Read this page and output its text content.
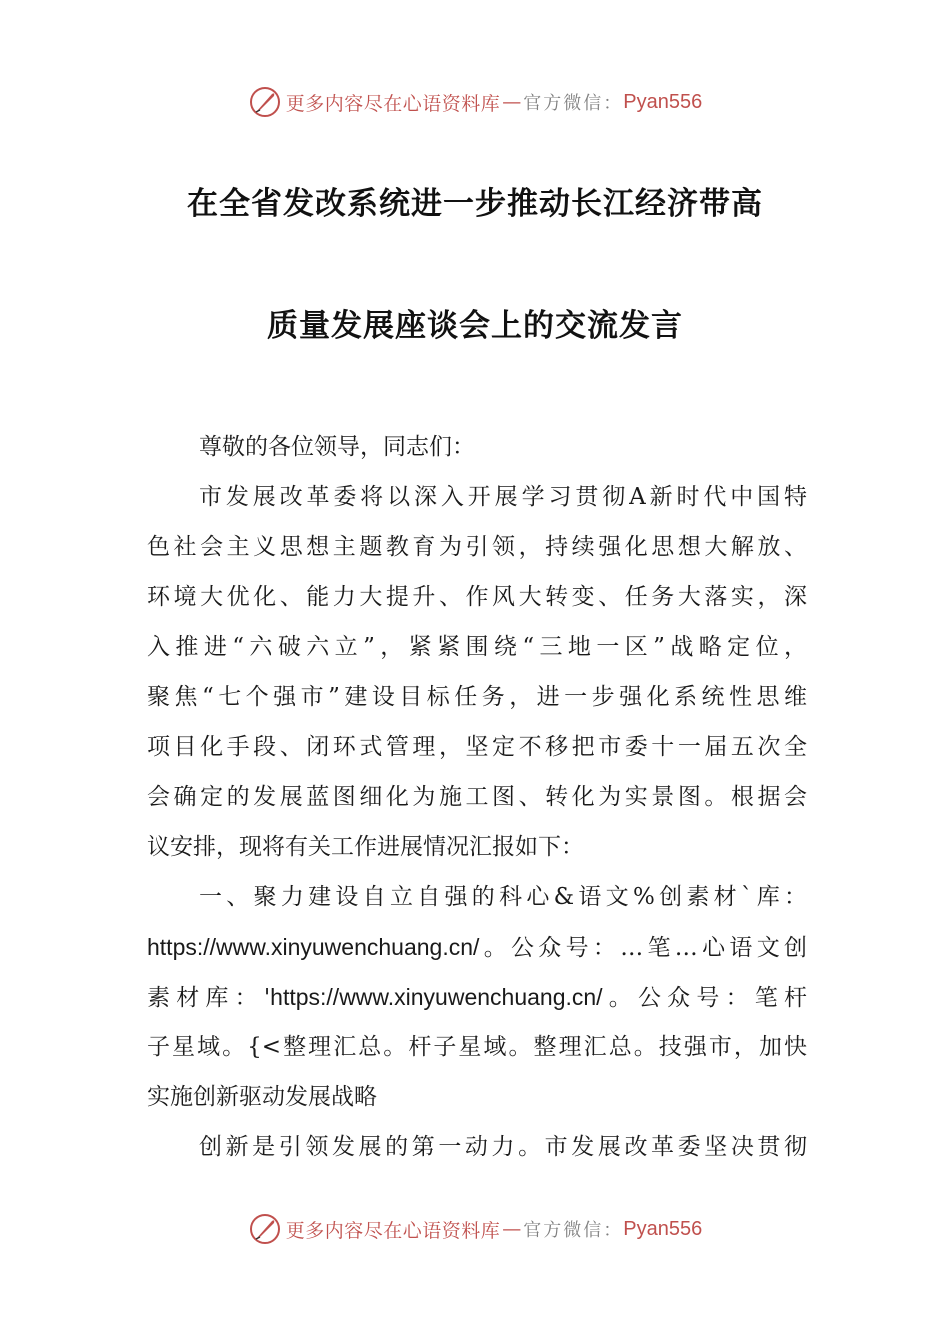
更多内容尽在心语资料库 — 官方微信： Pyan556
在全省发改系统进一步推动长江经济带高
质量发展座谈会上的交流发言
尊敬的各位领导，同志们：
市发展改革委将以深入开展学习贯彻A新时代中国特
色社会主义思想主题教育为引领，持续强化思想大解放、
环境大优化、能力大提升、作风大转变、任务大落实，深
入推进“六破六立”，紧紧围绕“三地一区”战略定位，
聚焦“七个强市”建设目标任务，进一步强化系统性思维
项目化手段、闭环式管理，坚定不移把市委十一届五次全
会确定的发展蓝图细化为施工图、转化为实景图。根据会
议安排，现将有关工作进展情况汇报如下：
一、聚力建设自立自强的科心&语文%创素材`库：
https://www.xinyuwenchuang.cn/。公众号：…笔…心语文创
素材库：'https://www.xinyuwenchuang.cn/。公众号：笔杆
子星域。{<整理汇总。杆子星域。整理汇总。技强市，加快
实施创新驱动发展战略
创新是引领发展的第一动力。市发展改革委坚决贯彻
更多内容尽在心语资料库 — 官方微信： Pyan556
